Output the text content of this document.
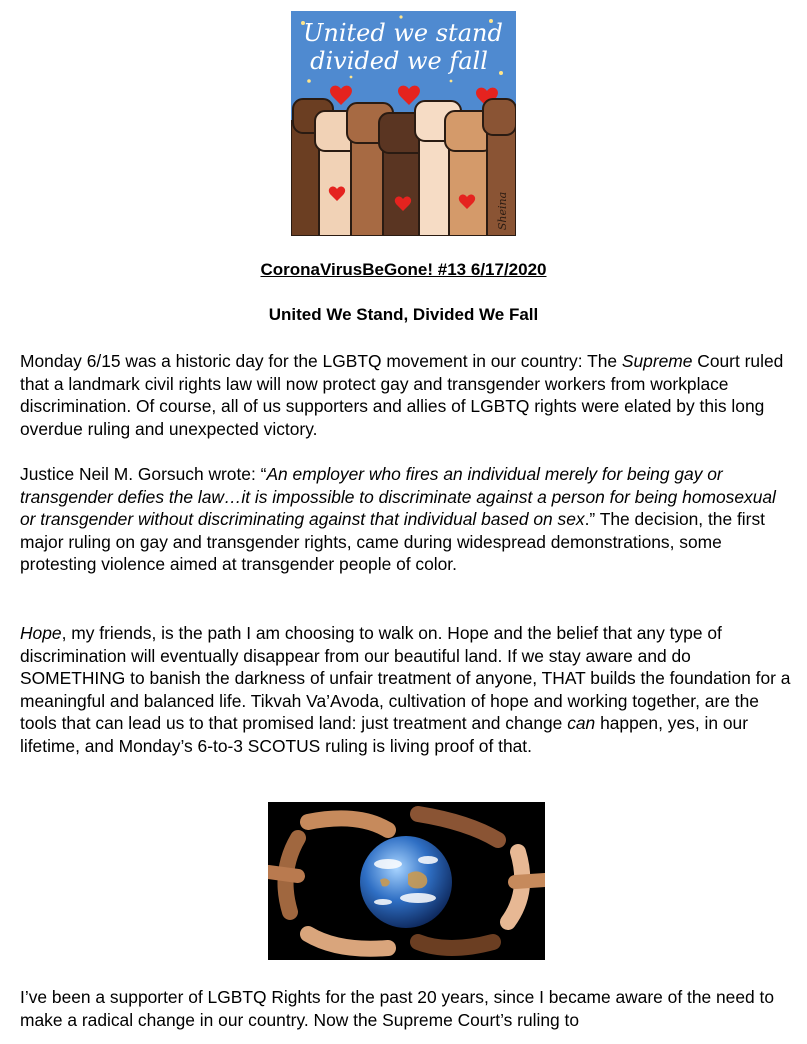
United we stand
divided we fall
Sheina
CoronaVirusBeGone! #13 6/17/2020
United We Stand, Divided We Fall

Monday 6/15 was a historic day for the LGBTQ movement in our country: The Supreme Court ruled that a landmark civil rights law will now protect gay and transgender workers from workplace discrimination. Of course, all of us supporters and allies of LGBTQ rights were elated by this long overdue ruling and unexpected victory.

Justice Neil M. Gorsuch wrote: “An employer who fires an individual merely for being gay or transgender defies the law…it is impossible to discriminate against a person for being homosexual or transgender without discriminating against that individual based on sex.” The decision, the first major ruling on gay and transgender rights, came during widespread demonstrations, some protesting violence aimed at transgender people of color.

Hope, my friends, is the path I am choosing to walk on. Hope and the belief that any type of discrimination will eventually disappear from our beautiful land. If we stay aware and do SOMETHING to banish the darkness of unfair treatment of anyone, THAT builds the foundation for a meaningful and balanced life. Tikvah Va’Avoda, cultivation of hope and working together, are the tools that can lead us to that promised land: just treatment and change can happen, yes, in our lifetime, and Monday’s 6-to-3 SCOTUS ruling is living proof of that.

I’ve been a supporter of LGBTQ Rights for the past 20 years, since I became aware of the need to make a radical change in our country. Now the Supreme Court’s ruling to
